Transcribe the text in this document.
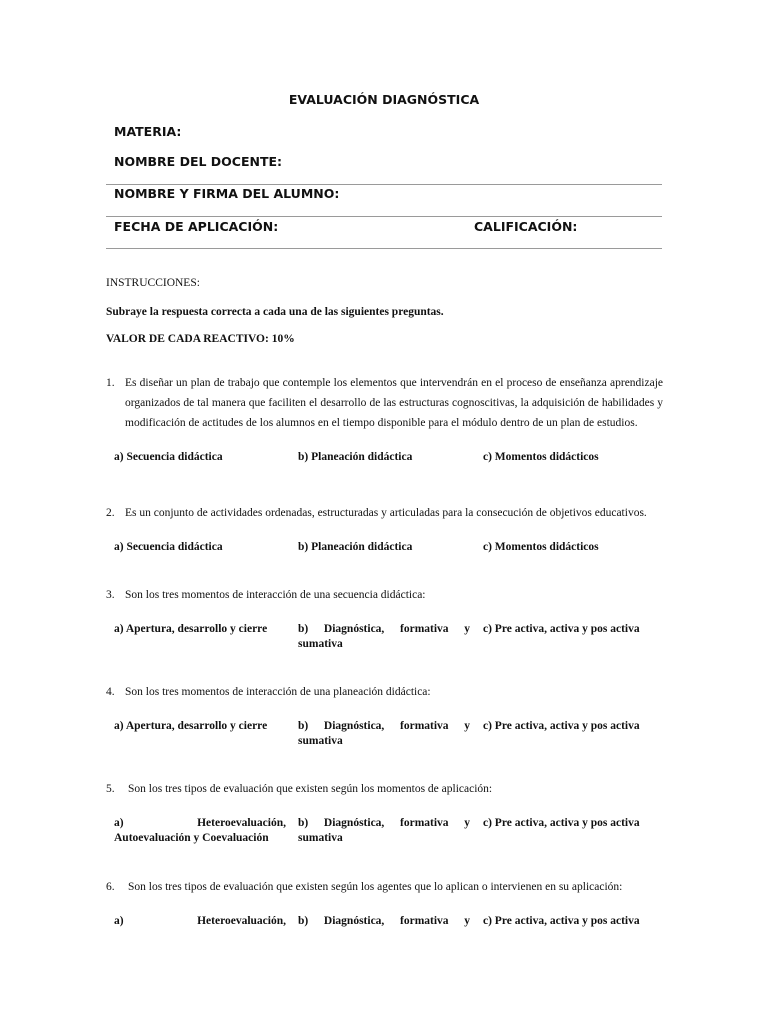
EVALUACIÓN DIAGNÓSTICA
MATERIA:
NOMBRE DEL DOCENTE:
NOMBRE Y FIRMA DEL ALUMNO:
FECHA DE APLICACIÓN:	CALIFICACIÓN:
INSTRUCCIONES:
Subraye la respuesta correcta a cada una de las siguientes preguntas.
VALOR DE CADA REACTIVO: 10%
1. Es diseñar un plan de trabajo que contemple los elementos que intervendrán en el proceso de enseñanza aprendizaje
organizados de tal manera que faciliten el desarrollo de las estructuras cognoscitivas, la adquisición de habilidades y
modificación de actitudes de los alumnos en el tiempo disponible para el módulo dentro de un plan de estudios.
a) Secuencia didáctica	b) Planeación didáctica	c) Momentos didácticos
2. Es un conjunto de actividades ordenadas, estructuradas y articuladas para la consecución de objetivos educativos.
a) Secuencia didáctica	b) Planeación didáctica	c) Momentos didácticos
3. Son los tres momentos de interacción de una secuencia didáctica:
a) Apertura, desarrollo y cierre	b) Diagnóstica, formativa y
sumativa
c) Pre activa, activa y pos activa
4. Son los tres momentos de interacción de una planeación didáctica:
a) Apertura, desarrollo y cierre	b) Diagnóstica, formativa y
sumativa
c) Pre activa, activa y pos activa
5. Son los tres tipos de evaluación que existen según los momentos de aplicación:
a) Heteroevaluación,
Autoevaluación y Coevaluación
b) Diagnóstica, formativa y
sumativa
c) Pre activa, activa y pos activa
6. Son los tres tipos de evaluación que existen según los agentes que lo aplican o intervienen en su aplicación:
a) Heteroevaluación, b) Diagnóstica, formativa y c) Pre activa, activa y pos activa
